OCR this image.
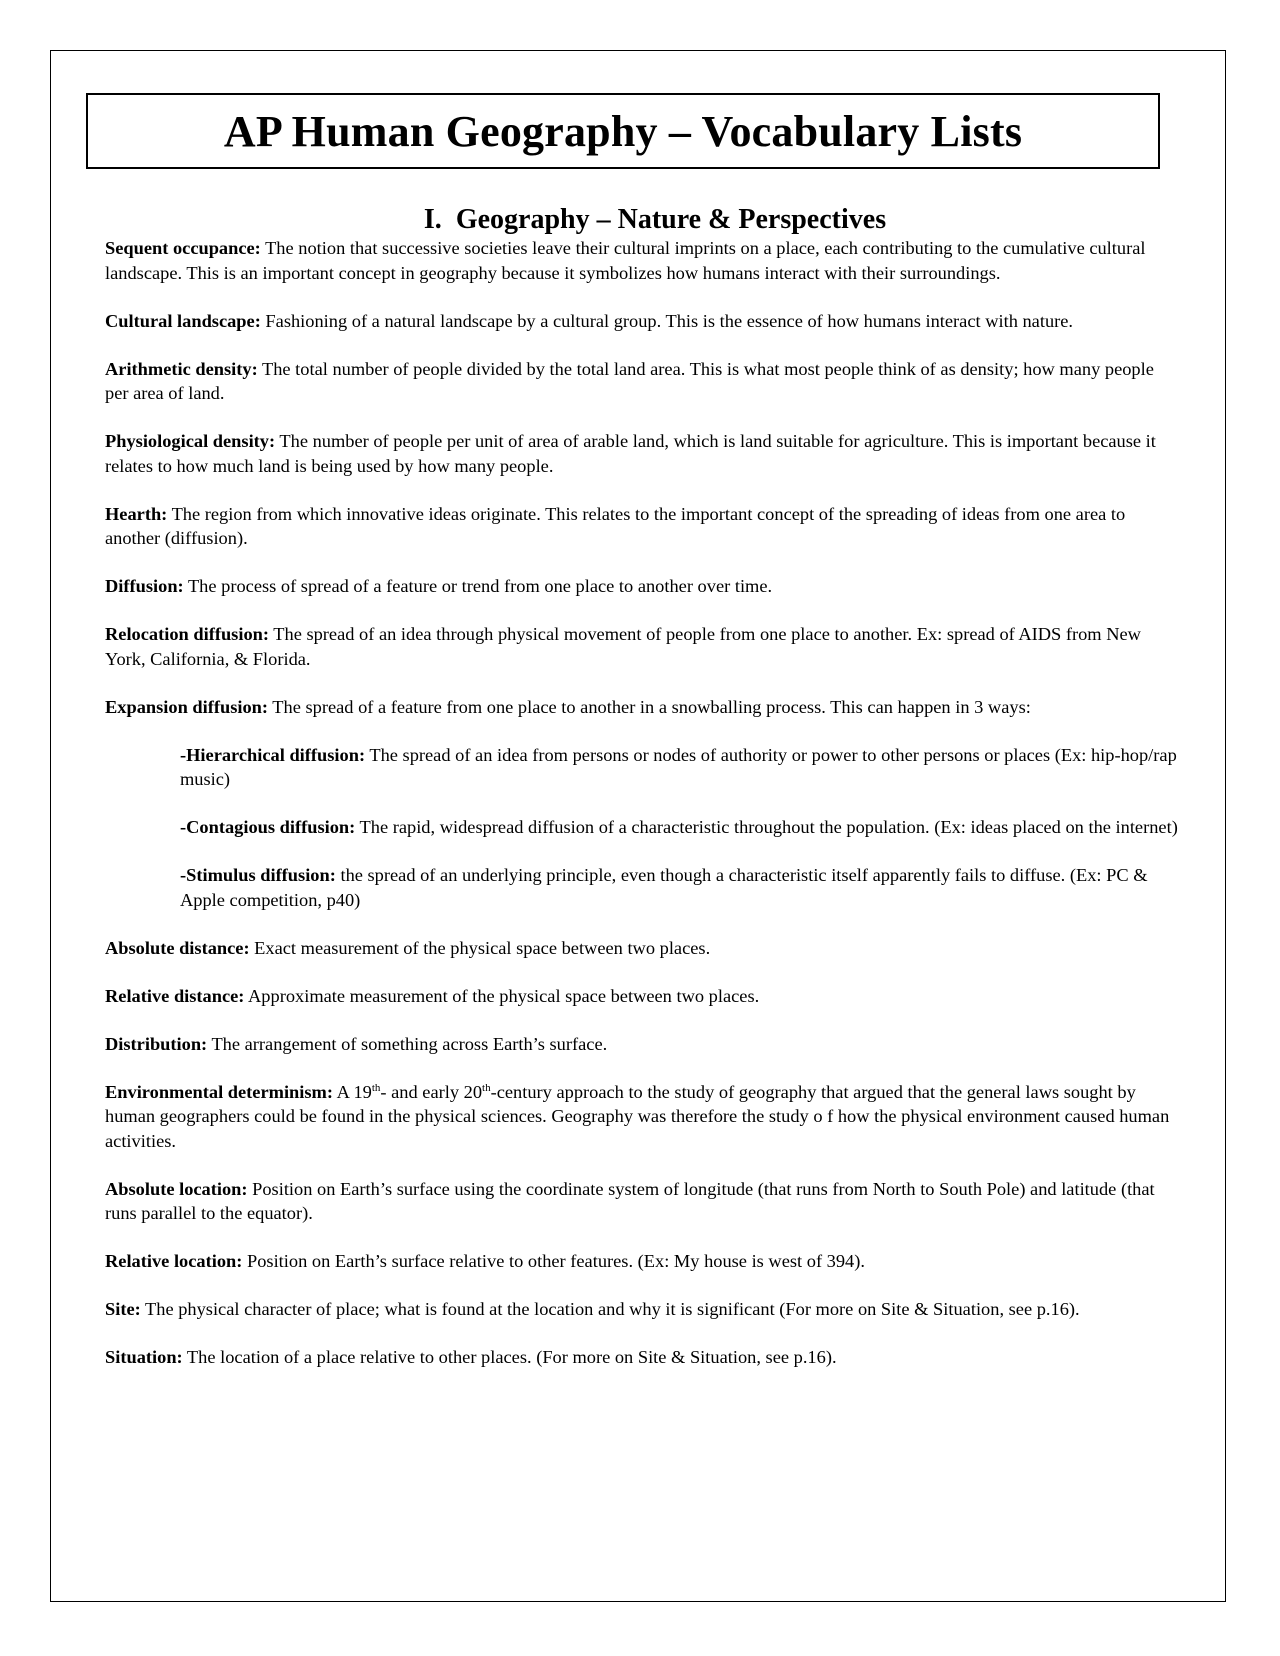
AP Human Geography – Vocabulary Lists
I. Geography – Nature & Perspectives

Sequent occupance: The notion that successive societies leave their cultural imprints on a place, each contributing to the cumulative cultural landscape. This is an important concept in geography because it symbolizes how humans interact with their surroundings.

Cultural landscape: Fashioning of a natural landscape by a cultural group. This is the essence of how humans interact with nature.

Arithmetic density: The total number of people divided by the total land area. This is what most people think of as density; how many people per area of land.

Physiological density: The number of people per unit of area of arable land, which is land suitable for agriculture. This is important because it relates to how much land is being used by how many people.

Hearth: The region from which innovative ideas originate. This relates to the important concept of the spreading of ideas from one area to another (diffusion).

Diffusion: The process of spread of a feature or trend from one place to another over time.

Relocation diffusion: The spread of an idea through physical movement of people from one place to another. Ex: spread of AIDS from New York, California, & Florida.

Expansion diffusion: The spread of a feature from one place to another in a snowballing process. This can happen in 3 ways:

-Hierarchical diffusion: The spread of an idea from persons or nodes of authority or power to other persons or places (Ex: hip-hop/rap music)

-Contagious diffusion: The rapid, widespread diffusion of a characteristic throughout the population. (Ex: ideas placed on the internet)

-Stimulus diffusion: the spread of an underlying principle, even though a characteristic itself apparently fails to diffuse. (Ex: PC & Apple competition, p40)

Absolute distance: Exact measurement of the physical space between two places.

Relative distance: Approximate measurement of the physical space between two places.

Distribution: The arrangement of something across Earth’s surface.

Environmental determinism: A 19th- and early 20th-century approach to the study of geography that argued that the general laws sought by human geographers could be found in the physical sciences. Geography was therefore the study o f how the physical environment caused human activities.

Absolute location: Position on Earth’s surface using the coordinate system of longitude (that runs from North to South Pole) and latitude (that runs parallel to the equator).

Relative location: Position on Earth’s surface relative to other features. (Ex: My house is west of 394).

Site: The physical character of place; what is found at the location and why it is significant (For more on Site & Situation, see p.16).

Situation: The location of a place relative to other places. (For more on Site & Situation, see p.16).
